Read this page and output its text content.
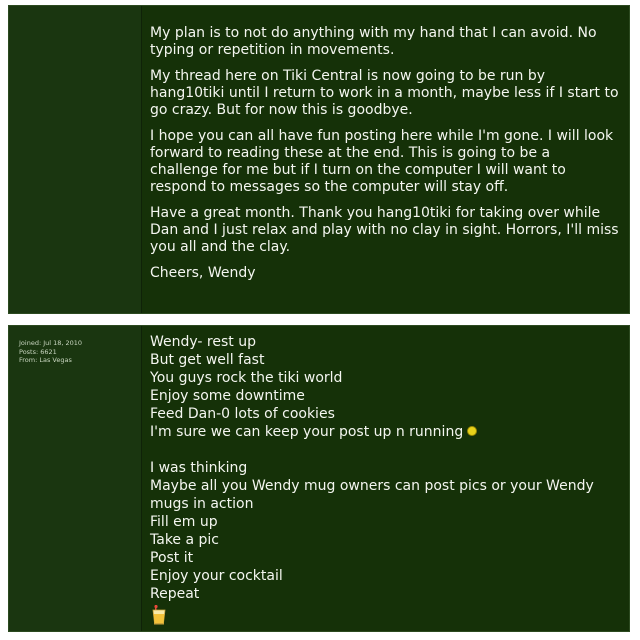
My plan is to not do anything with my hand that I can avoid. No typing or repetition in movements.

My thread here on Tiki Central is now going to be run by hang10tiki until I return to work in a month, maybe less if I start to go crazy. But for now this is goodbye.

I hope you can all have fun posting here while I'm gone. I will look forward to reading these at the end. This is going to be a challenge for me but if I turn on the computer I will want to respond to messages so the computer will stay off.

Have a great month. Thank you hang10tiki for taking over while Dan and I just relax and play with no clay in sight. Horrors, I'll miss you all and the clay.

Cheers, Wendy

Joined: Jul 18, 2010
Posts: 6621
From: Las Vegas
Wendy- rest up
But get well fast
You guys rock the tiki world
Enjoy some downtime
Feed Dan-0 lots of cookies
I'm sure we can keep your post up n running
I was thinking
Maybe all you Wendy mug owners can post pics or your Wendy
mugs in action
Fill em up
Take a pic
Post it
Enjoy your cocktail
Repeat
